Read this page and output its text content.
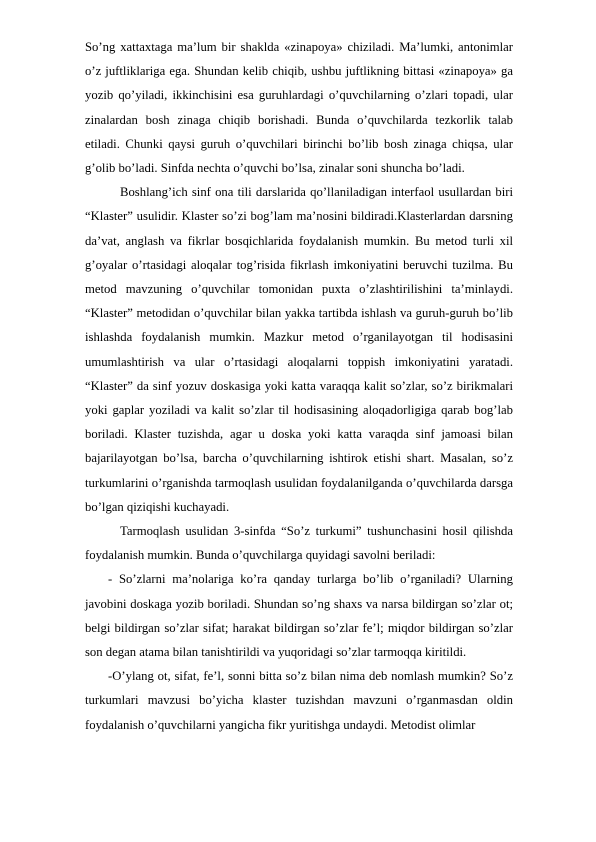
So’ng xattaxtaga ma’lum bir shaklda «zinapoya» chiziladi. Ma’lumki, antonimlar o’z juftliklariga ega. Shundan kelib chiqib, ushbu juftlikning bittasi «zinapoya» ga yozib qo’yiladi, ikkinchisini esa guruhlardagi o’quvchilarning o’zlari topadi, ular zinalardan bosh zinaga chiqib borishadi. Bunda o’quvchilarda tezkorlik talab etiladi. Chunki qaysi guruh o’quvchilari birinchi bo’lib bosh zinaga chiqsa, ular g’olib bo’ladi. Sinfda nechta o’quvchi bo’lsa, zinalar soni shuncha bo’ladi.

Boshlang’ich sinf ona tili darslarida qo’llaniladigan interfaol usullardan biri “Klaster” usulidir. Klaster so’zi bog’lam ma’nosini bildiradi.Klasterlardan darsning da’vat, anglash va fikrlar bosqichlarida foydalanish mumkin. Bu metod turli xil g’oyalar o’rtasidagi aloqalar tog’risida fikrlash imkoniyatini beruvchi tuzilma. Bu metod mavzuning o’quvchilar tomonidan puxta o’zlashtirilishini ta’minlaydi. “Klaster” metodidan o’quvchilar bilan yakka tartibda ishlash va guruh-guruh bo’lib ishlashda foydalanish mumkin. Mazkur metod o’rganilayotgan til hodisasini umumlashtirish va ular o’rtasidagi aloqalarni toppish imkoniyatini yaratadi. “Klaster” da sinf yozuv doskasiga yoki katta varaqqa kalit so’zlar, so’z birikmalari yoki gaplar yoziladi va kalit so’zlar til hodisasining aloqadorligiga qarab bog’lab boriladi. Klaster tuzishda, agar u doska yoki katta varaqda sinf jamoasi bilan bajarilayotgan bo’lsa, barcha o’quvchilarning ishtirok etishi shart. Masalan, so’z turkumlarini o’rganishda tarmoqlash usulidan foydalanilganda o’quvchilarda darsga bo’lgan qiziqishi kuchayadi.

Tarmoqlash usulidan 3-sinfda “So’z turkumi” tushunchasini hosil qilishda foydalanish mumkin. Bunda o’quvchilarga quyidagi savolni beriladi:

- So’zlarni ma’nolariga ko’ra qanday turlarga bo’lib o’rganiladi? Ularning javobini doskaga yozib boriladi. Shundan so’ng shaxs va narsa bildirgan so’zlar ot; belgi bildirgan so’zlar sifat; harakat bildirgan so’zlar fe’l; miqdor bildirgan so’zlar son degan atama bilan tanishtirildi va yuqoridagi so’zlar tarmoqqa kiritildi.

-O’ylang ot, sifat, fe’l, sonni bitta so’z bilan nima deb nomlash mumkin? So’z turkumlari mavzusi bo’yicha klaster tuzishdan mavzuni o’rganmasdan oldin foydalanish o’quvchilarni yangicha fikr yuritishga undaydi. Metodist olimlar
